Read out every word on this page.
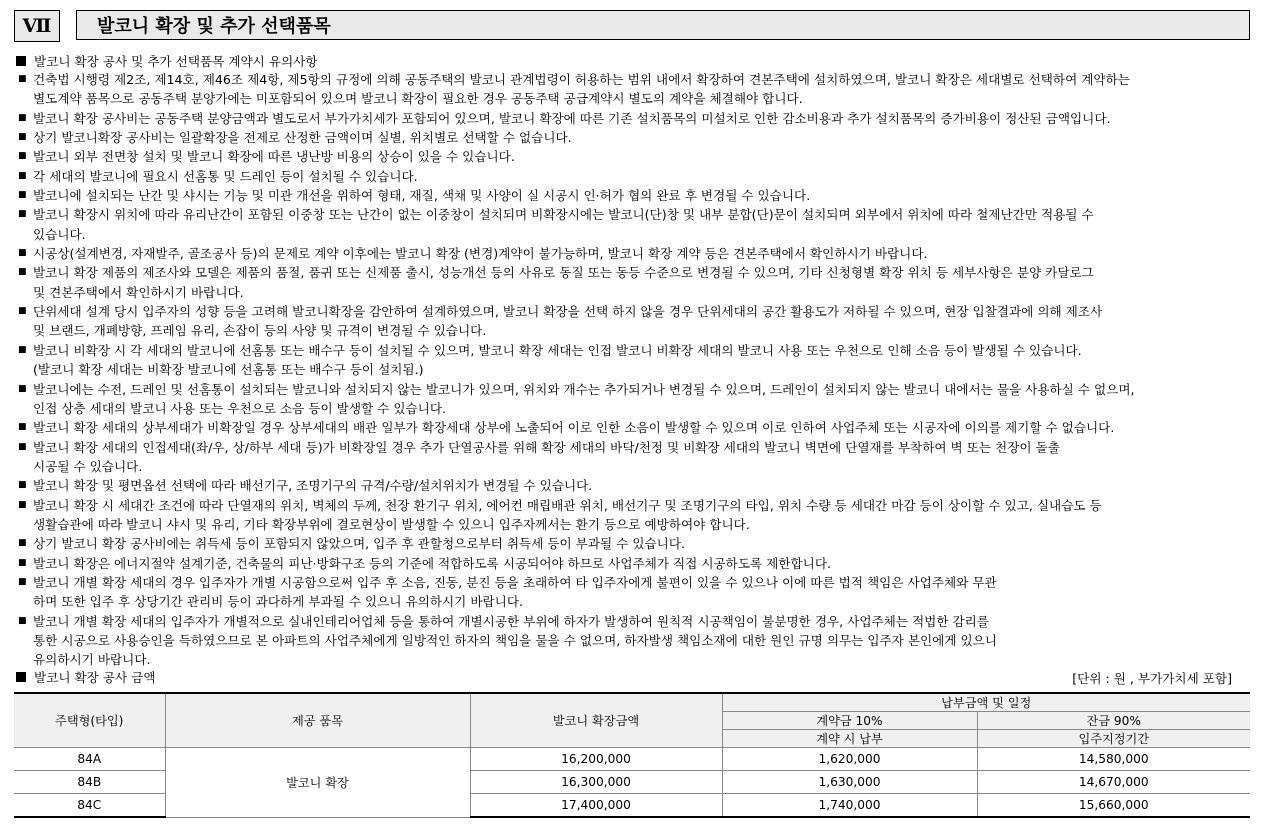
Ⅶ	발코니 확장 및 추가 선택품목
발코니 확장 공사 및 추가 선택품목 계약시 유의사항
■ 건축법 시행령 제2조, 제14호, 제46조 제4항, 제5항의 규정에 의해 공동주택의 발코니 관계법령이 허용하는 범위 내에서 확장하여 견본주택에 설치하였으며, 발코니 확장은 세대별로 선택하여 계약하는
별도계약 품목으로 공동주택 분양가에는 미포함되어 있으며 발코니 확장이 필요한 경우 공동주택 공급계약시 별도의 계약을 체결해야 합니다.
■ 발코니 확장 공사비는 공동주택 분양금액과 별도로서 부가가치세가 포함되어 있으며, 발코니 확장에 따른 기존 설치품목의 미설치로 인한 감소비용과 추가 설치품목의 증가비용이 정산된 금액입니다.
■ 상기 발코니확장 공사비는 일괄확장을 전제로 산정한 금액이며 실별, 위치별로 선택할 수 없습니다.
■ 발코니 외부 전면창 설치 및 발코니 확장에 따른 냉난방 비용의 상승이 있을 수 있습니다.
■ 각 세대의 발코니에 필요시 선홈통 및 드레인 등이 설치될 수 있습니다.
■ 발코니에 설치되는 난간 및 샤시는 기능 및 미관 개선을 위하여 형태, 재질, 색채 및 사양이 실 시공시 인·허가 협의 완료 후 변경될 수 있습니다.
■ 발코니 확장시 위치에 따라 유리난간이 포함된 이중창 또는 난간이 없는 이중창이 설치되며 비확장시에는 발코니(단)창 및 내부 분합(단)문이 설치되며 외부에서 위치에 따라 철제난간만 적용될 수
있습니다.
■ 시공상(설계변경, 자재발주, 골조공사 등)의 문제로 계약 이후에는 발코니 확장 (변경)계약이 불가능하며, 발코니 확장 계약 등은 견본주택에서 확인하시기 바랍니다.
■ 발코니 확장 제품의 제조사와 모델은 제품의 품절, 품귀 또는 신제품 출시, 성능개선 등의 사유로 동질 또는 동등 수준으로 변경될 수 있으며, 기타 신청형별 확장 위치 등 세부사항은 분양 카달로그
및 견본주택에서 확인하시기 바랍니다.
■ 단위세대 설계 당시 입주자의 성향 등을 고려해 발코니확장을 감안하여 설계하였으며, 발코니 확장을 선택 하지 않을 경우 단위세대의 공간 활용도가 저하될 수 있으며, 현장 입찰결과에 의해 제조사
및 브랜드, 개폐방향, 프레임 유리, 손잡이 등의 사양 및 규격이 변경될 수 있습니다.
■ 발코니 비확장 시 각 세대의 발코니에 선홈통 또는 배수구 등이 설치될 수 있으며, 발코니 확장 세대는 인접 발코니 비확장 세대의 발코니 사용 또는 우천으로 인해 소음 등이 발생될 수 있습니다.
(발코니 확장 세대는 비확장 발코니에 선홈통 또는 배수구 등이 설치됨.)
■ 발코니에는 수전, 드레인 및 선홈통이 설치되는 발코니와 설치되지 않는 발코니가 있으며, 위치와 개수는 추가되거나 변경될 수 있으며, 드레인이 설치되지 않는 발코니 내에서는 물을 사용하실 수 없으며,
인접 상층 세대의 발코니 사용 또는 우천으로 소음 등이 발생할 수 있습니다.
■ 발코니 확장 세대의 상부세대가 비확장일 경우 상부세대의 배관 일부가 확장세대 상부에 노출되어 이로 인한 소음이 발생할 수 있으며 이로 인하여 사업주체 또는 시공자에 이의를 제기할 수 없습니다.
■ 발코니 확장 세대의 인접세대(좌/우, 상/하부 세대 등)가 비확장일 경우 추가 단열공사를 위해 확장 세대의 바닥/천정 및 비확장 세대의 발코니 벽면에 단열재를 부착하여 벽 또는 천장이 돌출
시공될 수 있습니다.
■ 발코니 확장 및 평면옵션 선택에 따라 배선기구, 조명기구의 규격/수량/설치위치가 변경될 수 있습니다.
■ 발코니 확장 시 세대간 조건에 따라 단열재의 위치, 벽체의 두께, 천장 환기구 위치, 에어컨 매립배관 위치, 배선기구 및 조명기구의 타입, 위치 수량 등 세대간 마감 등이 상이할 수 있고, 실내습도 등
생활습관에 따라 발코니 샤시 및 유리, 기타 확장부위에 결로현상이 발생할 수 있으니 입주자께서는 환기 등으로 예방하여야 합니다.
■ 상기 발코니 확장 공사비에는 취득세 등이 포함되지 않았으며, 입주 후 관할청으로부터 취득세 등이 부과될 수 있습니다.
■ 발코니 확장은 에너지절약 설계기준, 건축물의 피난·방화구조 등의 기준에 적합하도록 시공되어야 하므로 사업주체가 직접 시공하도록 제한합니다.
■ 발코니 개별 확장 세대의 경우 입주자가 개별 시공함으로써 입주 후 소음, 진동, 분진 등을 초래하여 타 입주자에게 불편이 있을 수 있으나 이에 따른 법적 책임은 사업주체와 무관
하며 또한 입주 후 상당기간 관리비 등이 과다하게 부과될 수 있으니 유의하시기 바랍니다.
■ 발코니 개별 확장 세대의 입주자가 개별적으로 실내인테리어업체 등을 통하여 개별시공한 부위에 하자가 발생하여 원칙적 시공책임이 불분명한 경우, 사업주체는 적법한 감리를
통한 시공으로 사용승인을 득하였으므로 본 아파트의 사업주체에게 일방적인 하자의 책임을 물을 수 없으며, 하자발생 책임소재에 대한 원인 규명 의무는 입주자 본인에게 있으니
유의하시기 바랍니다.
발코니 확장 공사 금액	[단위 : 원 , 부가가치세 포함]
주택형(타입)	제공 품목	발코니 확장금액	납부금액 및 일정	
			계약금 10%	잔금 90%
			계약 시 납부	입주지정기간
84A	발코니 확장	16,200,000	1,620,000	14,580,000
84B		16,300,000	1,630,000	14,670,000
84C		17,400,000	1,740,000	15,660,000
